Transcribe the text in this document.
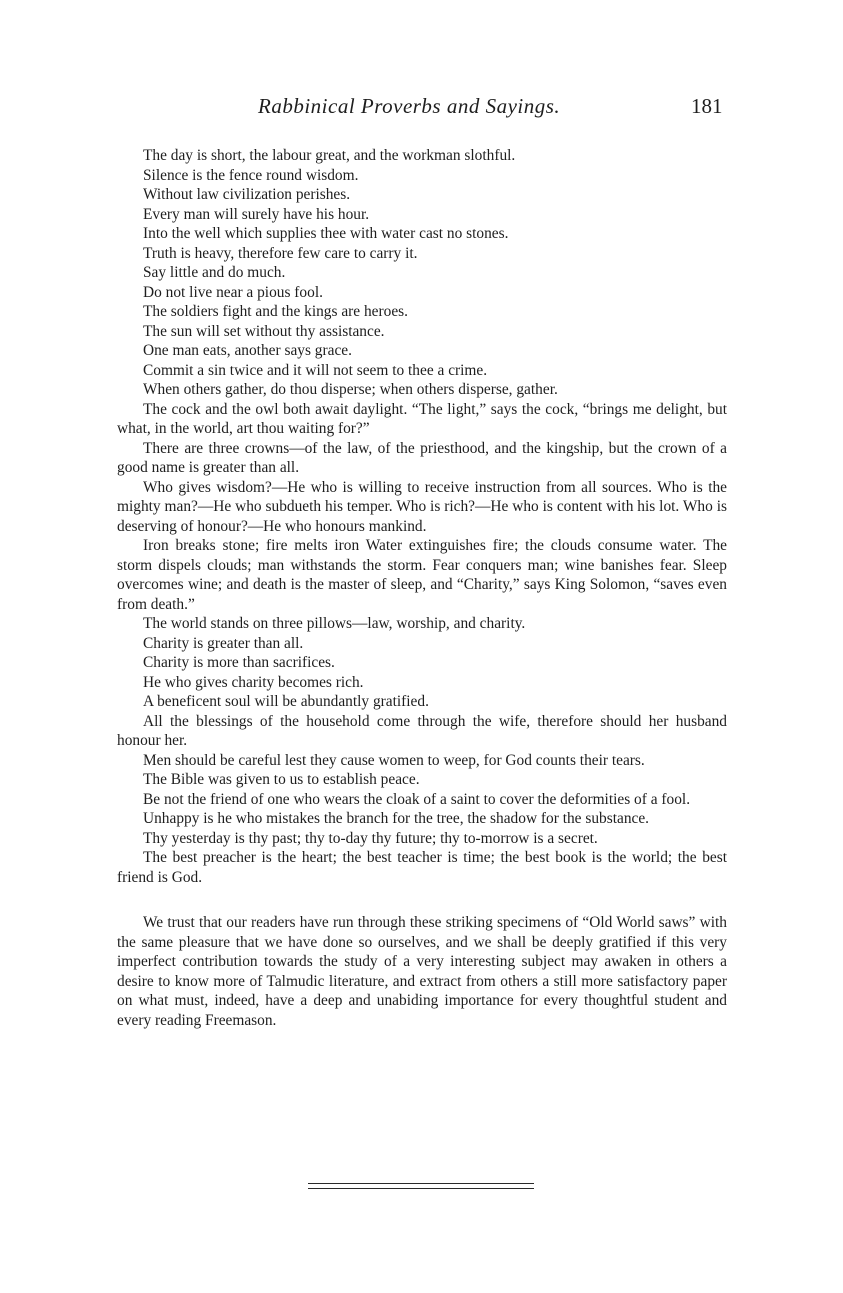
Rabbinical Proverbs and Sayings.	181

The day is short, the labour great, and the workman slothful.

Silence is the fence round wisdom.

Without law civilization perishes.

Every man will surely have his hour.

Into the well which supplies thee with water cast no stones.

Truth is heavy, therefore few care to carry it.

Say little and do much.

Do not live near a pious fool.

The soldiers fight and the kings are heroes.

The sun will set without thy assistance.

One man eats, another says grace.

Commit a sin twice and it will not seem to thee a crime.

When others gather, do thou disperse; when others disperse, gather.

The cock and the owl both await daylight. “The light,” says the cock, “brings me delight, but what, in the world, art thou waiting for?”

There are three crowns—of the law, of the priesthood, and the kingship, but the crown of a good name is greater than all.

Who gives wisdom?—He who is willing to receive instruction from all sources. Who is the mighty man?—He who subdueth his temper. Who is rich?—He who is content with his lot. Who is deserving of honour?—He who honours mankind.

Iron breaks stone; fire melts iron Water extinguishes fire; the clouds consume water. The storm dispels clouds; man withstands the storm. Fear conquers man; wine banishes fear. Sleep overcomes wine; and death is the master of sleep, and “Charity,” says King Solomon, “saves even from death.”

The world stands on three pillows—law, worship, and charity.

Charity is greater than all.

Charity is more than sacrifices.

He who gives charity becomes rich.

A beneficent soul will be abundantly gratified.

All the blessings of the household come through the wife, therefore should her husband honour her.

Men should be careful lest they cause women to weep, for God counts their tears.

The Bible was given to us to establish peace.

Be not the friend of one who wears the cloak of a saint to cover the deformities of a fool.

Unhappy is he who mistakes the branch for the tree, the shadow for the substance.

Thy yesterday is thy past; thy to-day thy future; thy to-morrow is a secret.

The best preacher is the heart; the best teacher is time; the best book is the world; the best friend is God.

We trust that our readers have run through these striking specimens of “Old World saws” with the same pleasure that we have done so ourselves, and we shall be deeply gratified if this very imperfect contribution towards the study of a very interesting subject may awaken in others a desire to know more of Talmudic literature, and extract from others a still more satisfactory paper on what must, indeed, have a deep and unabiding importance for every thoughtful student and every reading Freemason.
